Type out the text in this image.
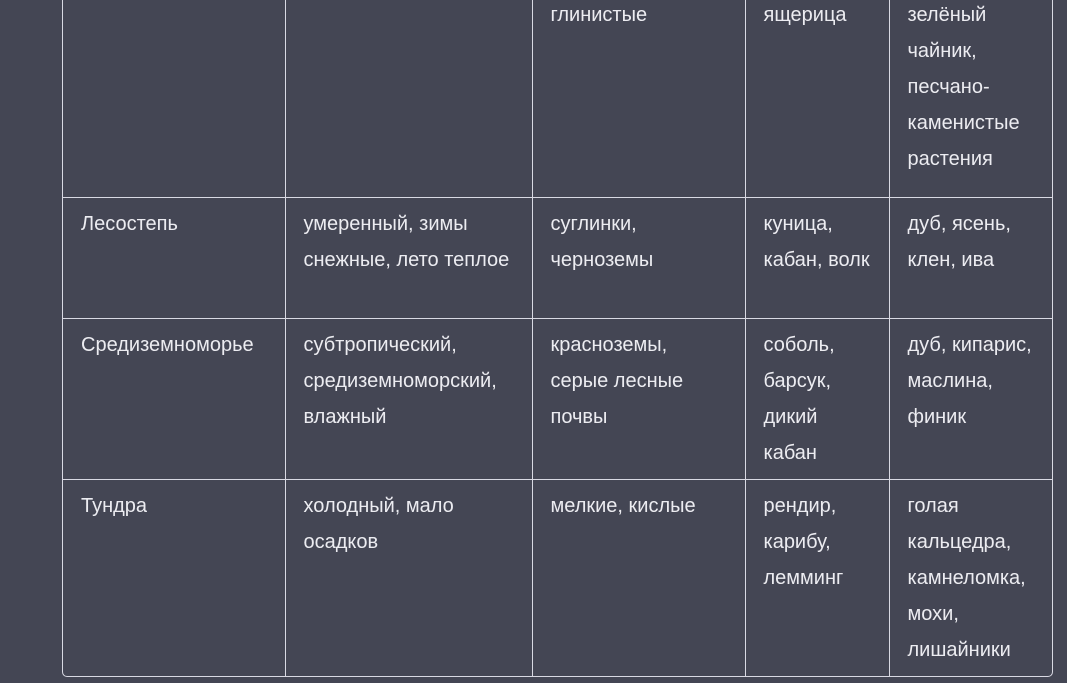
		глинистые	ящерица	зелёный чайник, песчано-каменистые растения
Лесостепь	умеренный, зимы снежные, лето теплое	суглинки, черноземы	куница, кабан, волк	дуб, ясень, клен, ива
Средиземноморье	субтропический, средиземноморский, влажный	красноземы, серые лесные почвы	соболь, барсук, дикий кабан	дуб, кипарис, маслина, финик
Тундра	холодный, мало осадков	мелкие, кислые	рендир, карибу, лемминг	голая кальцедра, камнеломка, мохи, лишайники
